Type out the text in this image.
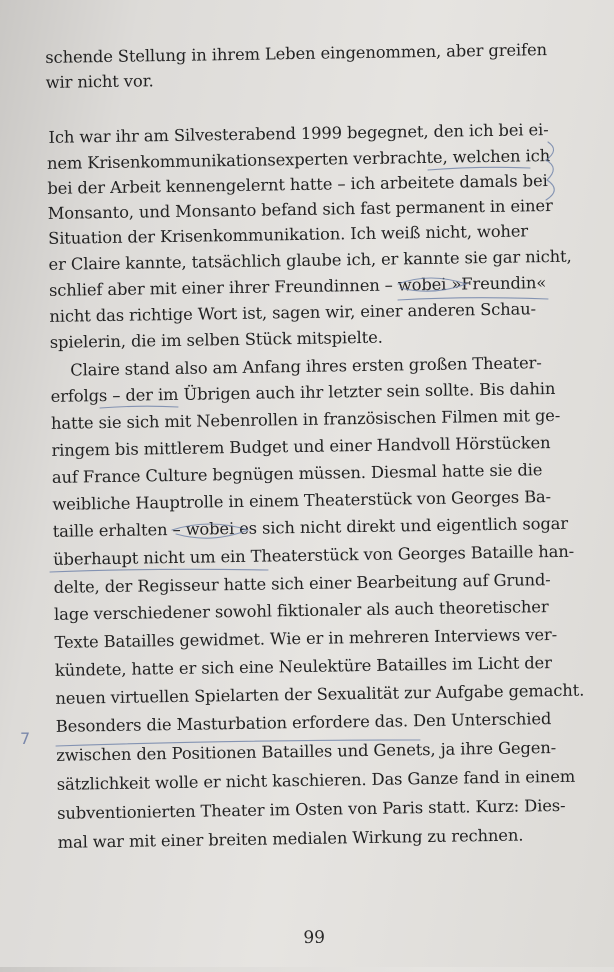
schende Stellung in ihrem Leben eingenommen, aber greifen
wir nicht vor.
Ich war ihr am Silvesterabend 1999 begegnet, den ich bei ei-
nem Krisenkommunikationsexperten verbrachte, welchen ich
bei der Arbeit kennengelernt hatte – ich arbeitete damals bei
Monsanto, und Monsanto befand sich fast permanent in einer
Situation der Krisenkommunikation. Ich weiß nicht, woher
er Claire kannte, tatsächlich glaube ich, er kannte sie gar nicht,
schlief aber mit einer ihrer Freundinnen – wobei »Freundin«
nicht das richtige Wort ist, sagen wir, einer anderen Schau-
spielerin, die im selben Stück mitspielte.
Claire stand also am Anfang ihres ersten großen Theater-
erfolgs – der im Übrigen auch ihr letzter sein sollte. Bis dahin
hatte sie sich mit Nebenrollen in französischen Filmen mit ge-
ringem bis mittlerem Budget und einer Handvoll Hörstücken
auf France Culture begnügen müssen. Diesmal hatte sie die
weibliche Hauptrolle in einem Theaterstück von Georges Ba-
taille erhalten – wobei es sich nicht direkt und eigentlich sogar
überhaupt nicht um ein Theaterstück von Georges Bataille han-
delte, der Regisseur hatte sich einer Bearbeitung auf Grund-
lage verschiedener sowohl fiktionaler als auch theoretischer
Texte Batailles gewidmet. Wie er in mehreren Interviews ver-
kündete, hatte er sich eine Neulektüre Batailles im Licht der
neuen virtuellen Spielarten der Sexualität zur Aufgabe gemacht.
Besonders die Masturbation erfordere das. Den Unterschied
zwischen den Positionen Batailles und Genets, ja ihre Gegen-
sätzlichkeit wolle er nicht kaschieren. Das Ganze fand in einem
subventionierten Theater im Osten von Paris statt. Kurz: Dies-
mal war mit einer breiten medialen Wirkung zu rechnen.
99
7
